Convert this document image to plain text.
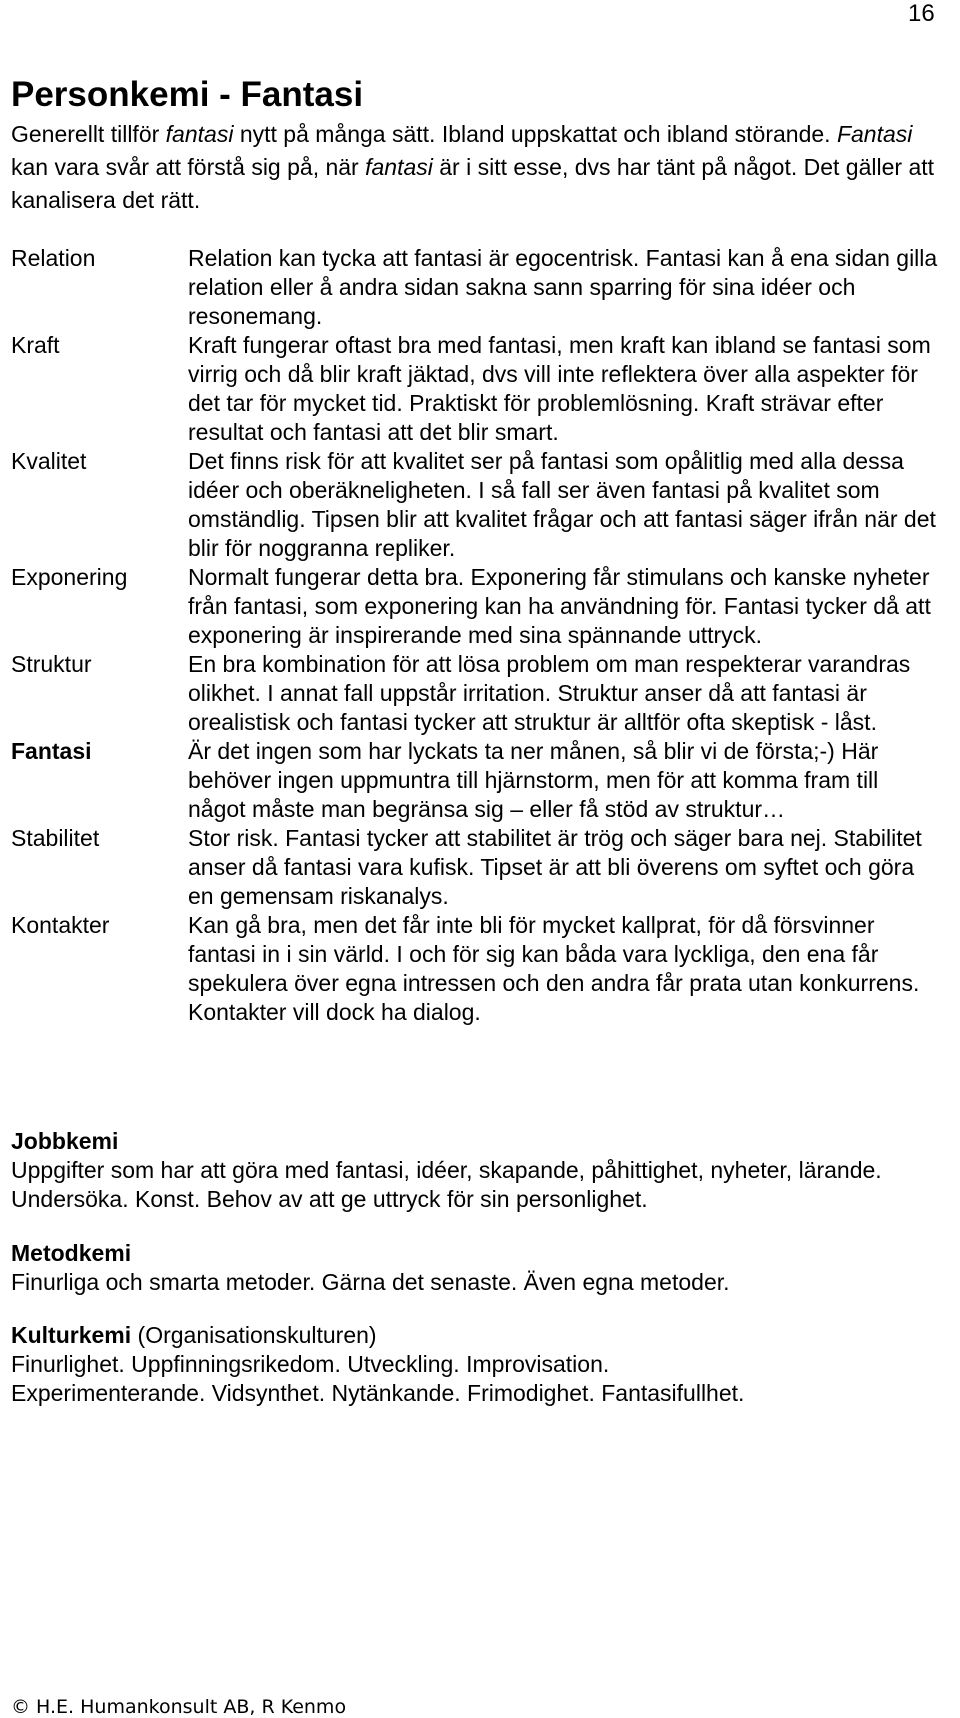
16
Personkemi - Fantasi

Generellt tillför fantasi nytt på många sätt. Ibland uppskattat och ibland störande. Fantasi kan vara svår att förstå sig på, när fantasi är i sitt esse, dvs har tänt på något. Det gäller att kanalisera det rätt.

Relation	Relation kan tycka att fantasi är egocentrisk. Fantasi kan å ena sidan gilla relation eller å andra sidan sakna sann sparring för sina idéer och resonemang.
Kraft	Kraft fungerar oftast bra med fantasi, men kraft kan ibland se fantasi som virrig och då blir kraft jäktad, dvs vill inte reflektera över alla aspekter för det tar för mycket tid. Praktiskt för problemlösning. Kraft strävar efter resultat och fantasi att det blir smart.
Kvalitet	Det finns risk för att kvalitet ser på fantasi som opålitlig med alla dessa idéer och oberäkneligheten. I så fall ser även fantasi på kvalitet som omständlig. Tipsen blir att kvalitet frågar och att fantasi säger ifrån när det blir för noggranna repliker.
Exponering	Normalt fungerar detta bra. Exponering får stimulans och kanske nyheter från fantasi, som exponering kan ha användning för. Fantasi tycker då att exponering är inspirerande med sina spännande uttryck.
Struktur	En bra kombination för att lösa problem om man respekterar varandras olikhet. I annat fall uppstår irritation. Struktur anser då att fantasi är orealistisk och fantasi tycker att struktur är alltför ofta skeptisk - låst.
Fantasi	Är det ingen som har lyckats ta ner månen, så blir vi de första;-) Här behöver ingen uppmuntra till hjärnstorm, men för att komma fram till något måste man begränsa sig – eller få stöd av struktur…
Stabilitet	Stor risk. Fantasi tycker att stabilitet är trög och säger bara nej. Stabilitet anser då fantasi vara kufisk. Tipset är att bli överens om syftet och göra en gemensam riskanalys.
Kontakter	Kan gå bra, men det får inte bli för mycket kallprat, för då försvinner fantasi in i sin värld. I och för sig kan båda vara lyckliga, den ena får spekulera över egna intressen och den andra får prata utan konkurrens. Kontakter vill dock ha dialog.
Jobbkemi

Uppgifter som har att göra med fantasi, idéer, skapande, påhittighet, nyheter, lärande. Undersöka. Konst. Behov av att ge uttryck för sin personlighet.

Metodkemi

Finurliga och smarta metoder. Gärna det senaste. Även egna metoder.

Kulturkemi (Organisationskulturen)

Finurlighet. Uppfinningsrikedom. Utveckling. Improvisation.

Experimenterande. Vidsynthet. Nytänkande. Frimodighet. Fantasifullhet.

© H.E. Humankonsult AB, R Kenmo
